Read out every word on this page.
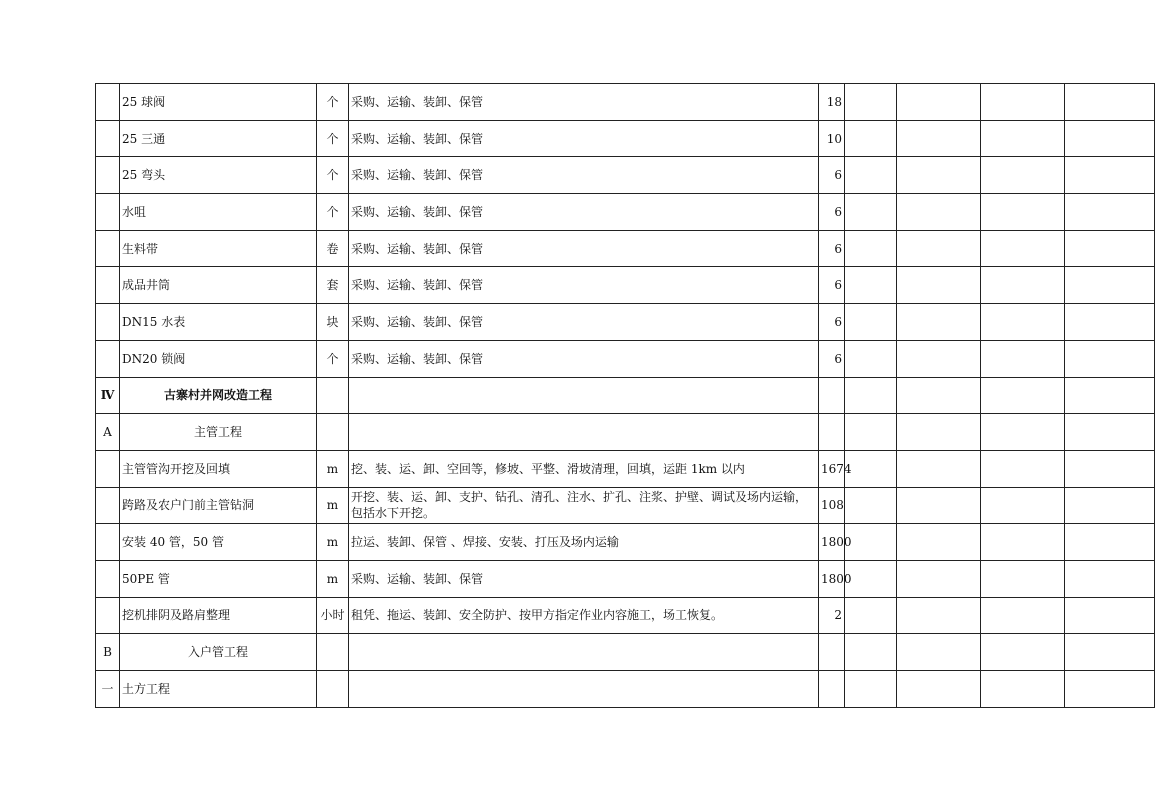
	25 球阀	个	采购、运输、装卸、保管	18				
	25 三通	个	采购、运输、装卸、保管	10				
	25 弯头	个	采购、运输、装卸、保管	6				
	水咀	个	采购、运输、装卸、保管	6				
	生料带	卷	采购、运输、装卸、保管	6				
	成品井筒	套	采购、运输、装卸、保管	6				
	DN15 水表	块	采购、运输、装卸、保管	6				
	DN20 锁阀	个	采购、运输、装卸、保管	6				
Ⅳ	古寨村并网改造工程							
A	主管工程							
	主管管沟开挖及回填	m	挖、装、运、卸、空回等，修坡、平整、滑坡清理，回填，运距 1km 以内	1674				
	跨路及农户门前主管钻洞	m	开挖、装、运、卸、支护、钻孔、清孔、注水、扩孔、注浆、护壁、调试及场内运输，包括水下开挖。	108				
	安装 40 管，50 管	m	拉运、装卸、保管 、焊接、安装、打压及场内运输	1800				
	50PE 管	m	采购、运输、装卸、保管	1800				
	挖机排阴及路肩整理	小时	租凭、拖运、装卸、安全防护、按甲方指定作业内容施工，场工恢复。	2				
B	入户管工程							
一	土方工程							
